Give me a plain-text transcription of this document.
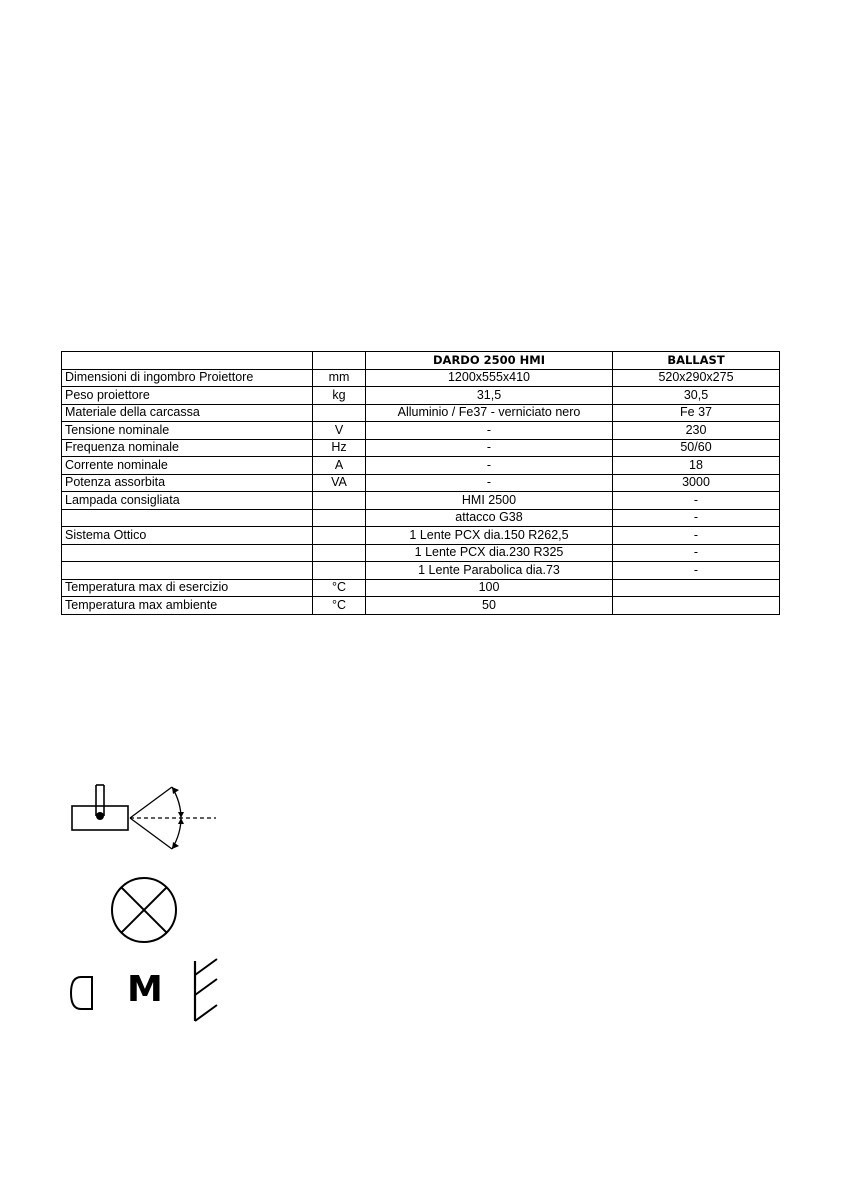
		DARDO 2500 HMI	BALLAST
Dimensioni di ingombro Proiettore	mm	1200x555x410	520x290x275
Peso proiettore	kg	31,5	30,5
Materiale della carcassa		Alluminio / Fe37 - verniciato nero	Fe 37
Tensione nominale	V	-	230
Frequenza nominale	Hz	-	50/60
Corrente nominale	A	-	18
Potenza assorbita	VA	-	3000
Lampada consigliata		HMI 2500	-
		attacco G38	-
Sistema Ottico		1 Lente PCX dia.150 R262,5	-
		1 Lente PCX dia.230 R325	-
		1 Lente Parabolica dia.73	-
Temperatura max di esercizio	°C	100	
Temperatura max ambiente	°C	50	
M
